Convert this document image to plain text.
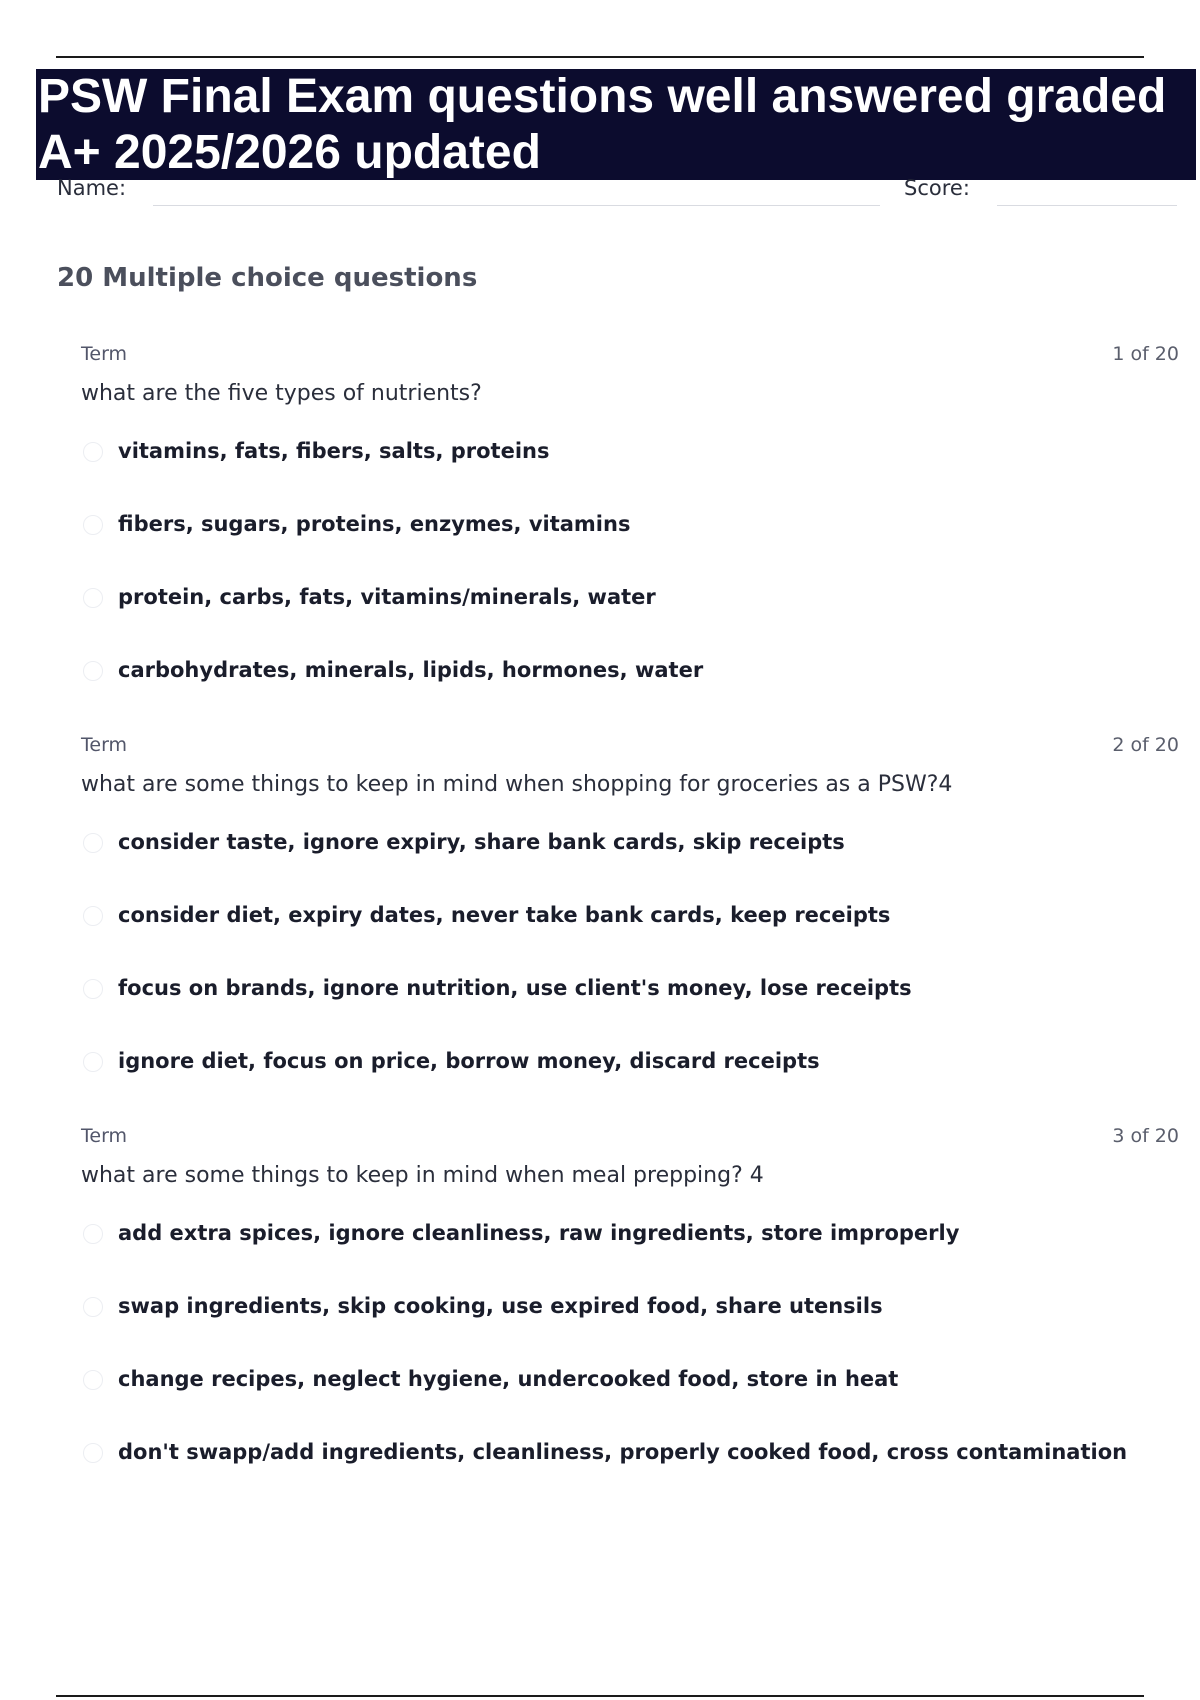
PSW Final Exam questions well answered graded
A+ 2025/2026 updated
Name:	Score:
20 Multiple choice questions
Term	1 of 20
what are the five types of nutrients?
vitamins, fats, fibers, salts, proteins
fibers, sugars, proteins, enzymes, vitamins
protein, carbs, fats, vitamins/minerals, water
carbohydrates, minerals, lipids, hormones, water
Term	2 of 20
what are some things to keep in mind when shopping for groceries as a PSW?4
consider taste, ignore expiry, share bank cards, skip receipts
consider diet, expiry dates, never take bank cards, keep receipts
focus on brands, ignore nutrition, use client's money, lose receipts
ignore diet, focus on price, borrow money, discard receipts
Term	3 of 20
what are some things to keep in mind when meal prepping? 4
add extra spices, ignore cleanliness, raw ingredients, store improperly
swap ingredients, skip cooking, use expired food, share utensils
change recipes, neglect hygiene, undercooked food, store in heat
don't swapp/add ingredients, cleanliness, properly cooked food, cross contamination
